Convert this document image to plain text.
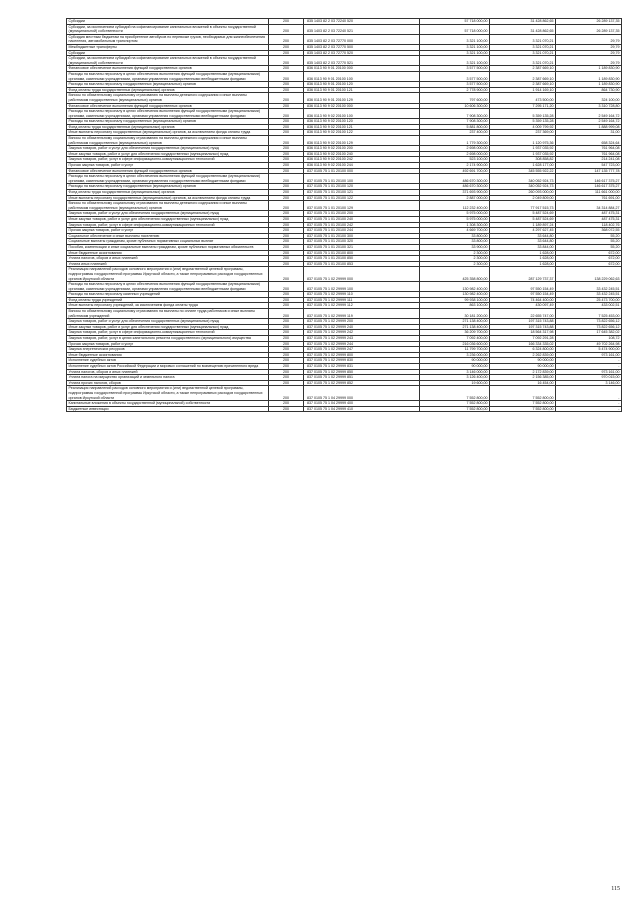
Субсидии	200	835 1403 82 2 03 72240 520	57 718 000,00	31 428 862,65	26 289 137,35
Субсидии, за исключением субсидий на софинансирование капитальных вложений в объекты государственной (муниципальной) собственности	200	835 1403 82 2 03 72240 521	57 718 000,00	31 428 862,65	26 289 137,35
Субсидия местным бюджетам на приобретение автобусов по перевозке грузов, необходимых для жизнеобеспечения населения, автомобильным транспортом	200	835 1403 82 2 03 72770 000	3 321 100,00	3 321 070,21	29,79
Межбюджетные трансферты	200	835 1403 82 2 03 72770 500	3 321 100,00	3 321 070,21	29,79
Субсидии	200	835 1403 82 2 03 72770 520	3 321 100,00	3 321 070,21	29,79
Субсидии, за исключением субсидий на софинансирование капитальных вложений в объекты государственной (муниципальной) собственности	200	835 1403 82 2 03 72770 521	3 321 100,00	3 321 070,21	29,79
Финансовое обеспечение выполнения функций государственных органов	200	836 0113 90 9 01 20100 000	3 577 500,00	2 387 669,10	1 189 830,90
Расходы на выплаты персоналу в целях обеспечения выполнения функций государственными (муниципальными) органами, казенными учреждениями, органами управления государственными внебюджетными фондами	200	836 0113 90 9 01 20100 100	3 577 500,00	2 387 669,10	1 189 830,90
Расходы на выплаты персоналу государственных (муниципальных) органов	200	836 0113 90 9 01 20100 120	3 577 500,00	2 387 669,10	1 189 830,90
Фонд оплаты труда государственных (муниципальных) органов	200	836 0113 90 9 01 20100 121	2 778 900,00	1 914 169,10	864 730,90
Взносы по обязательному социальному страхованию на выплаты денежного содержания и иные выплаты работникам государственных (муниципальных) органов	200	836 0113 90 9 01 20100 129	797 600,00	473 500,00	324 100,00
Финансовое обеспечение выполнения функций государственных органов	200	836 0113 90 9 02 20100 000	10 606 300,00	7 295 171,20	3 310 728,80
Расходы на выплаты персоналу в целях обеспечения выполнения функций государственными (муниципальными) органами, казенными учреждениями, органами управления государственными внебюджетными фондами	200	836 0113 90 9 02 20100 100	7 908 300,00	5 359 135,28	2 549 164,72
Расходы на выплаты персоналу государственных (муниципальных) органов	200	836 0113 90 9 02 20100 120	7 908 300,00	5 359 135,28	2 549 164,72
Фонд оплаты труда государственных (муниципальных) органов	200	836 0113 90 9 02 20100 121	5 881 800,00	4 009 799,92	1 888 999,08
Иные выплаты персоналу государственных (муниципальных) органов, за исключением фонда оплаты труда	200	836 0113 90 9 02 20100 122	237 400,00	237 369,00	31,00
Взносы по обязательному социальному страхованию на выплаты денежного содержания и иные выплаты работникам государственных (муниципальных) органов	200	836 0113 90 9 02 20100 129	1 779 300,00	1 120 975,36	658 324,64
Закупка товаров, работ и услуг для обеспечения государственных (муниципальных) нужд	200	836 0113 90 9 02 20100 200	2 698 000,00	1 937 035,92	761 964,08
Иные закупки товаров, работ и услуг для обеспечения государственных (муниципальных) нужд	200	836 0113 90 9 02 20100 240	2 698 000,00	1 937 035,92	761 964,08
Закупка товаров, работ, услуг в сфере информационно-коммуникационных технологий	200	836 0113 90 9 02 20100 242	523 100,00	308 858,82	214 241,08
Прочая закупка товаров, работ и услуг	200	836 0113 90 9 02 20100 244	2 174 900,00	1 628 177,00	547 723,00
Финансовое обеспечение выполнения функций государственных органов	200	837 0105 75 1 01 20100 000	492 691 700,00	345 555 922,22	147 135 777,78
Расходы на выплаты персоналу в целях обеспечения выполнения функций государственными (муниципальными) органами, казенными учреждениями, органами управления государственными внебюджетными фондами	200	837 0105 75 1 01 20100 100	486 670 300,00	340 052 924,73	146 617 375,27
Расходы на выплаты персоналу государственных (муниципальных) органов	200	837 0105 75 1 01 20100 120	486 670 300,00	340 052 924,73	146 617 375,27
Фонд оплаты труда государственных (муниципальных) органов	200	837 0105 75 1 01 20100 121	371 693 900,00	260 093 000,00	111 661 000,00
Иные выплаты персоналу государственных (муниципальных) органов, за исключением фонда оплаты труда	200	837 0105 75 1 01 20100 122	2 887 000,00	2 049 809,00	761 691,00
Взносы по обязательному социальному страхованию на выплаты денежного содержания и иные выплаты работникам государственных (муниципальных) органов	200	837 0105 75 1 01 20100 129	112 232 400,00	77 917 515,73	34 314 884,27
Закупка товаров, работ и услуг для обеспечения государственных (муниципальных) нужд	200	837 0105 75 1 01 20100 200	5 975 000,00	5 487 524,69	487 475,31
Иные закупки товаров, работ и услуг для обеспечения государственных (муниципальных) нужд	200	837 0105 75 1 01 20100 240	5 975 000,00	5 487 524,69	487 475,31
Закупка товаров, работ, услуг в сфере информационно-коммуникационных технологий	200	837 0105 75 1 01 20100 242	1 308 300,00	1 189 897,24	118 402,76
Прочая закупка товаров, работ и услуг	200	837 0105 75 1 01 20100 244	4 669 700,00	4 297 627,45	368 072,55
Социальное обеспечение и иные выплаты населению	200	837 0105 75 1 01 20100 300	33 800,00	33 644,80	55,20
Социальные выплаты гражданам, кроме публичных нормативных социальных выплат	200	837 0105 75 1 01 20100 320	33 800,00	33 644,80	55,20
Пособия, компенсации и иные социальные выплаты гражданам, кроме публичных нормативных обязательств	200	837 0105 75 1 01 20100 321	33 900,00	33 844,00	55,20
Иные бюджетные ассигнования	200	837 0105 75 1 01 20100 800	2 300,00	1 628,00	672,00
Уплата налогов, сборов и иных платежей	200	837 0105 75 1 01 20100 850	2 300,00	1 628,00	672,00
Уплата иных платежей	200	837 0105 75 1 01 20100 853	2 300,00	1 628,00	672,00
Реализация направлений расходов основного мероприятия и (или) ведомственной целевой программы, подпрограммы государственной программы Иркутской области, а также непрограммных расходов государственных органов Иркутской области	200	837 0105 75 1 02 29999 000	425 358 800,00	287 129 737,37	138 229 062,63
Расходы на выплаты персоналу в целях обеспечения выполнения функций государственными (муниципальными) органами, казенными учреждениями, органами управления государственными внебюджетными фондами	200	837 0105 75 1 02 29999 100	130 982 400,00	97 550 154,49	33 432 245,51
Расходы на выплаты персоналу казенных учреждений	200	837 0105 75 1 02 29999 110	130 982 400,00	97 550 154,49	33 432 245,51
Фонд оплаты труда учреждений	200	837 0105 75 1 02 29999 111	99 938 100,00	74 464 400,00	25 473 700,00
Иные выплаты персоналу учреждений, за исключением фонда оплаты труда	200	837 0105 75 1 02 29999 112	863 100,00	430 097,49	433 002,51
Взносы по обязательному социальному страхованию на выплаты по оплате труда работников и иные выплаты работникам учреждений	200	837 0105 75 1 02 29999 119	30 181 200,00	22 655 747,00	7 525 453,00
Закупка товаров, работ и услуг для обеспечения государственных (муниципальных) нужд	200	837 0105 75 1 02 29999 200	271 138 400,00	197 315 743,88	73 822 656,12
Иные закупки товаров, работ и услуг для обеспечения государственных (муниципальных) нужд	200	837 0105 75 1 02 29999 240	271 138 400,00	197 315 743,88	73 822 656,12
Закупка товаров, работ, услуг в сфере информационно-коммуникационных технологий	200	837 0105 75 1 02 29999 242	36 209 700,00	18 564 317,98	17 645 382,02
Закупка товаров, работ, услуг в целях капитального ремонта государственного (муниципального) имущества	200	837 0105 75 1 02 29999 243	7 092 400,00	7 092 291,28	108,72
Прочая закупка товаров, работ и услуг	200	837 0105 75 1 02 29999 244	216 036 600,00	166 334 335,02	49 702 264,98
Закупка энергетических ресурсов	200	837 0105 75 1 02 29999 247	11 799 700,00	6 324 800,00	5 474 900,00
Иные бюджетные ассигнования	200	837 0105 75 1 02 29999 800	3 236 000,00	2 262 839,00	973 161,00
Исполнение судебных актов	200	837 0105 75 1 02 29999 830	90 000,00	90 000,00	-
Исполнение судебных актов Российской Федерации и мировых соглашений по возмещению причиненного вреда	200	837 0105 75 1 02 29999 831	90 000,00	90 000,00	-
Уплата налогов, сборов и иных платежей	200	837 0105 75 1 02 29999 850	3 146 000,00	2 172 839,00	973 161,00
Уплата налога на имущество организаций и земельного налога	200	837 0105 75 1 02 29999 851	3 126 400,00	2 156 385,00	970 015,00
Уплата прочих налогов, сборов	200	837 0105 75 1 02 29999 852	19 600,00	16 454,00	3 146,00
Реализация направлений расходов основного мероприятия и (или) ведомственной целевой программы, подпрограммы государственной программы Иркутской области, а также непрограммных расходов государственных органов Иркутской области	200	837 0105 75 1 04 29999 000	7 552 800,00	7 552 800,00	-
Капитальные вложения в объекты государственной (муниципальной) собственности	200	837 0105 75 1 04 29999 400	7 552 800,00	7 552 800,00	-
Бюджетные инвестиции	200	837 0105 75 1 04 29999 410	7 552 800,00	7 552 800,00	-
115
